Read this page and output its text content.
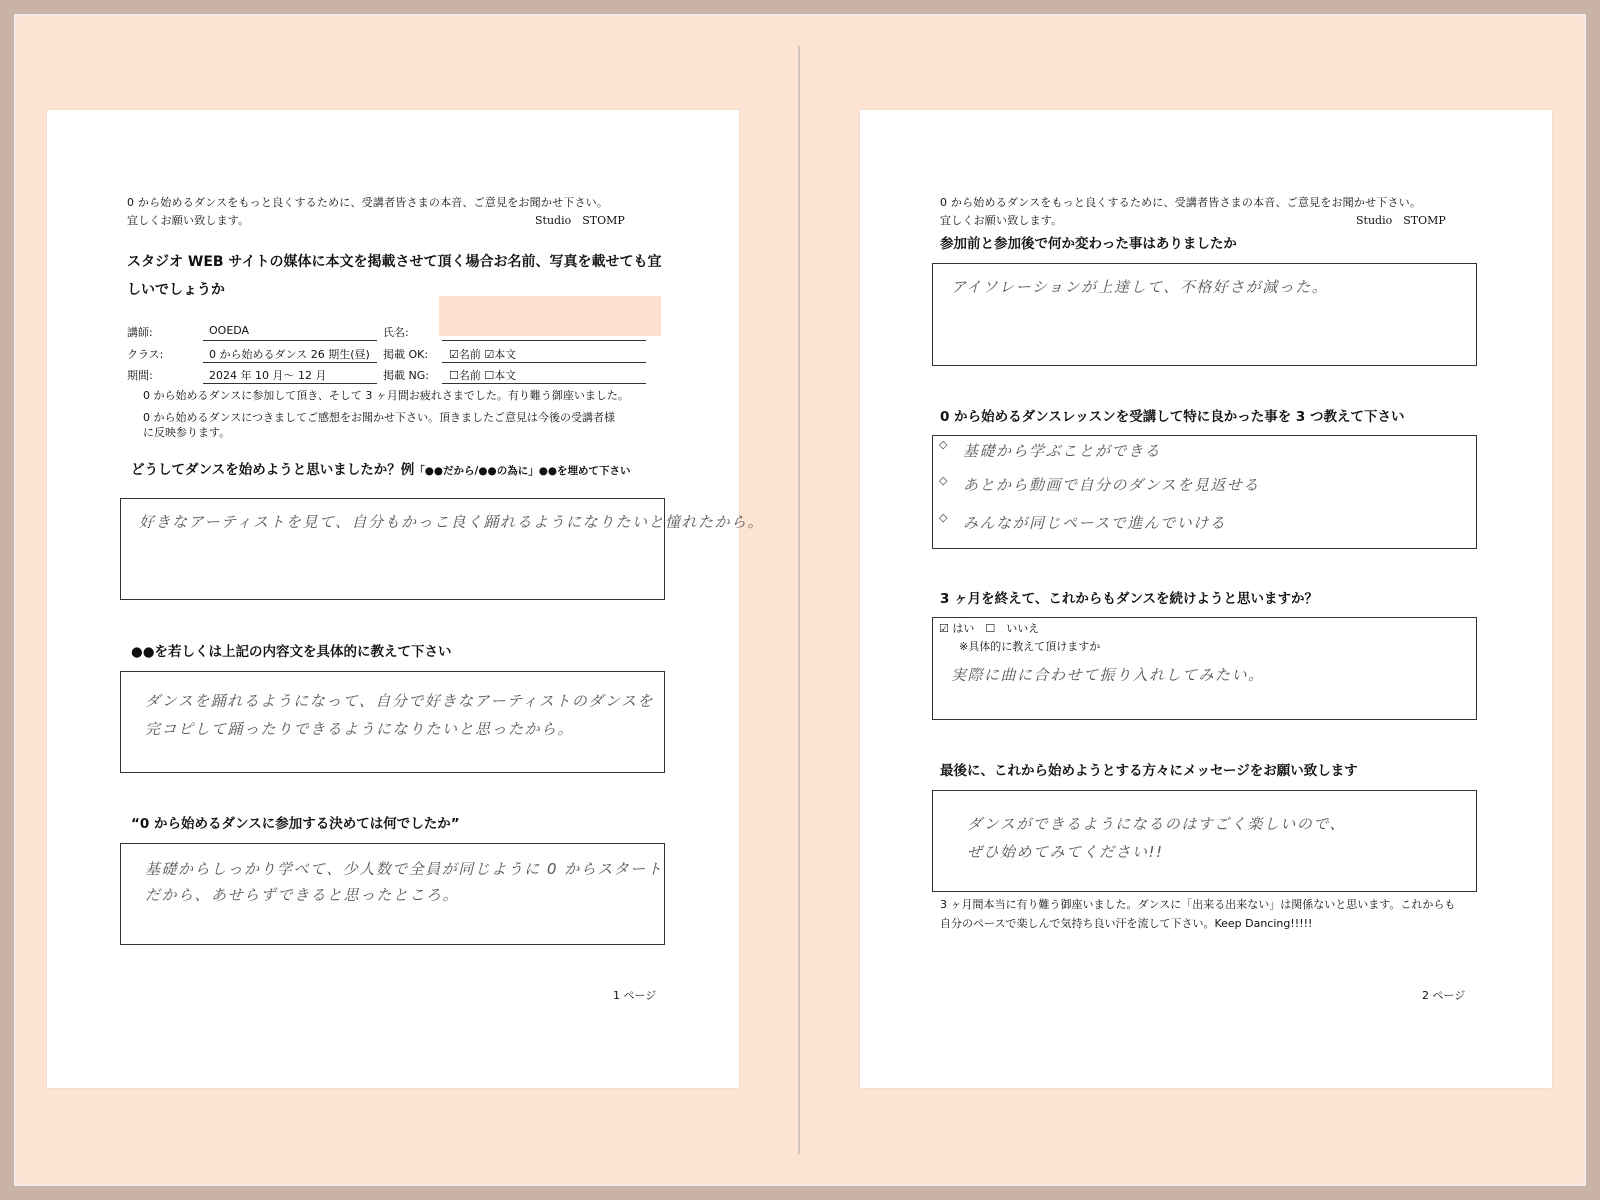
0 から始めるダンスをもっと良くするために、受講者皆さまの本音、ご意見をお聞かせ下さい。
宜しくお願い致します。	Studio　STOMP
スタジオ WEB サイトの媒体に本文を掲載させて頂く場合お名前、写真を載せても宜
しいでしょうか
講師:	OOEDA	氏名:
クラス:	0 から始めるダンス 26 期生(昼) 掲載 OK: ☑名前 ☑本文
期間:	2024 年 10 月～ 12 月	掲載 NG: ☐名前 ☐本文
0 から始めるダンスに参加して頂き、そして 3 ヶ月間お疲れさまでした。有り難う御座いました。
0 から始めるダンスにつきましてご感想をお聞かせ下さい。頂きましたご意見は今後の受講者様
に反映参ります。
どうしてダンスを始めようと思いましたか？例「●●だから/●●の為に」●●を埋めて下さい
好きなアーティストを見て、自分もかっこ良く踊れるようになりたいと憧れたから。
●●を若しくは上記の内容文を具体的に教えて下さい
ダンスを踊れるようになって、自分で好きなアーティストのダンスを
完コピして踊ったりできるようになりたいと思ったから。
“0 から始めるダンスに参加する決めては何でしたか”
基礎からしっかり学べて、少人数で全員が同じように 0 からスタート
だから、あせらずできると思ったところ。
1 ページ
0 から始めるダンスをもっと良くするために、受講者皆さまの本音、ご意見をお聞かせ下さい。
宜しくお願い致します。	Studio　STOMP
参加前と参加後で何か変わった事はありましたか
アイソレーションが上達して、不格好さが減った。
0 から始めるダンスレッスンを受講して特に良かった事を 3 つ教えて下さい
◇ 基礎から学ぶことができる
◇ あとから動画で自分のダンスを見返せる
◇ みんなが同じペースで進んでいける
3 ヶ月を終えて、これからもダンスを続けようと思いますか？
☑ はい　☐　いいえ
※具体的に教えて頂けますか
実際に曲に合わせて振り入れしてみたい。
最後に、これから始めようとする方々にメッセージをお願い致します
ダンスができるようになるのはすごく楽しいので、
ぜひ始めてみてください!!
3 ヶ月間本当に有り難う御座いました。ダンスに「出来る出来ない」は関係ないと思います。これからも
自分のペースで楽しんで気持ち良い汗を流して下さい。Keep Dancing!!!!!
2 ページ
